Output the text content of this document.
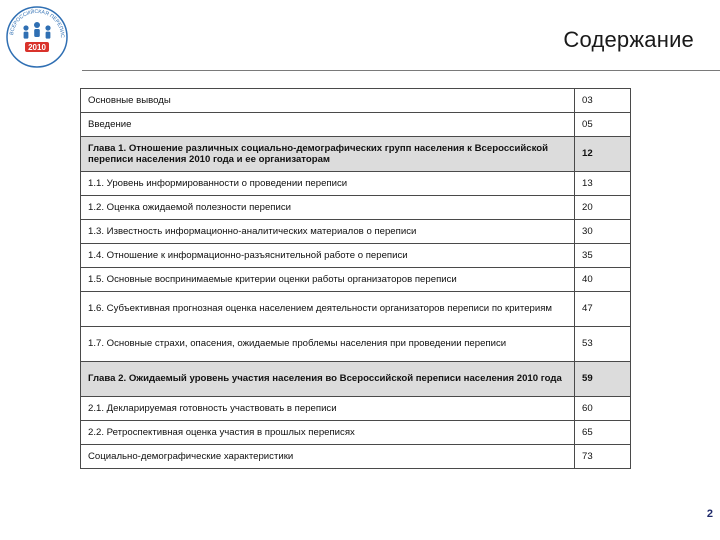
ВСЕРОССИЙСКАЯ ПЕРЕПИС
2010	Содержание
Основные выводы	03
Введение	05
Глава 1. Отношение различных социально-демографических групп населения к Всероссийской переписи населения 2010 года и ее организаторам	12
1.1. Уровень информированности о проведении переписи	13
1.2. Оценка ожидаемой полезности переписи	20
1.3. Известность информационно-аналитических материалов о переписи	30
1.4. Отношение к информационно-разъяснительной работе о переписи	35
1.5. Основные воспринимаемые критерии оценки работы организаторов переписи	40
1.6. Субъективная прогнозная оценка населением деятельности организаторов переписи по критериям	47
1.7. Основные страхи, опасения, ожидаемые проблемы населения при проведении переписи	53
Глава 2. Ожидаемый уровень участия населения во Всероссийской переписи населения 2010 года	59
2.1. Декларируемая готовность участвовать в переписи	60
2.2. Ретроспективная оценка участия в прошлых переписях	65
Социально-демографические характеристики	73
2
